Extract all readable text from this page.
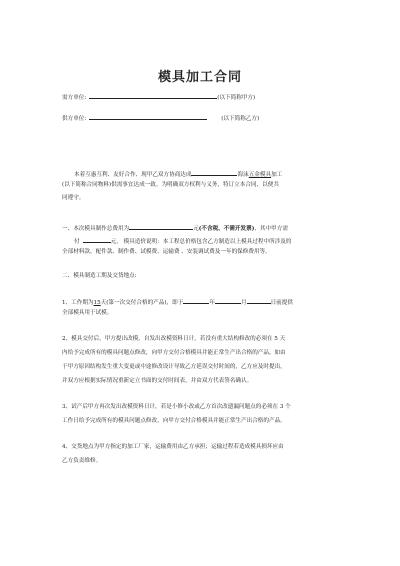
模具加工合同
需方单位:	(以下简称甲方)
供方单位:	(以下简称乙方)
本着互惠互利、友好合作、现甲乙双方协商达成	海沫五金模具加工
(以下简称合同物料)供需事宜达成一致。为明确双方权利与义务，特订立本合同，以便共
同遵守。
一、本次模具制作总费用为	元(不含税、不需开发票)，其中甲方需
付	元， 模具造价说明：本工程总价格包含乙方制造以上模具过程中所涉及的
全部材料款、配件款、制作费、试模费、运输费 、安装调试费及一年的保修费用等。
二、模具制造工期及交货地点:
1、工作期为15天(第一次交付合格的产品)，即于	年	月	日前提供
全部模具用于试模。
2、模具交付后，甲方提出改模，自发出改模资料日计，若没有重大结构修改的必须在 5 天
内给予完成所有的模具问题点修改，向甲方交付合格模具并能正常生产出合格的产品，如由
于甲方原因结构发生重大变更或中途修改设计导致乙方延误交付时间的，乙方应及时提出，
并双方应根据实际情况重新定立书面的交付时间表，并由双方代表签名确认。
3、试产后甲方再次发出改模资料日计，若是小修小改或乙方首次改遗漏问题点的必须在 3 个
工作日给予完成所有的模具问题点修改，向甲方交付合格模具并能正常生产出合格的产品。
4、交货地点为甲方指定的加工厂家，运输费用由乙方承担；运输过程若造成模具损坏应由
乙方负责维修。
